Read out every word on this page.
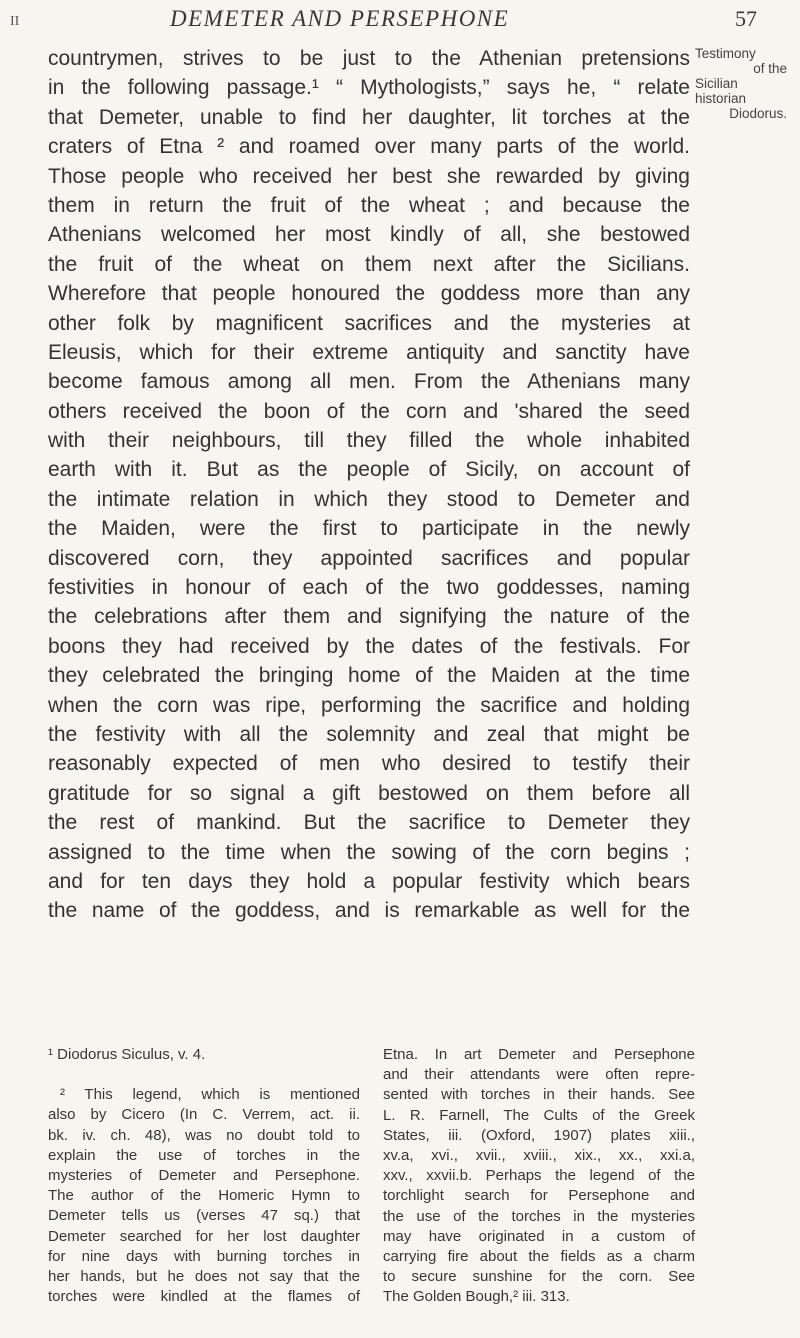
II	DEMETER AND PERSEPHONE	57
Testimony
of the
Sicilian
historian
Diodorus.
countrymen, strives to be just to the Athenian pretensions
in the following passage.¹ “ Mythologists,” says he, “ relate
that Demeter, unable to find her daughter, lit torches at the
craters of Etna ² and roamed over many parts of the world.
Those people who received her best she rewarded by giving
them in return the fruit of the wheat ; and because the
Athenians welcomed her most kindly of all, she bestowed
the fruit of the wheat on them next after the Sicilians.
Wherefore that people honoured the goddess more than any
other folk by magnificent sacrifices and the mysteries at
Eleusis, which for their extreme antiquity and sanctity have
become famous among all men. From the Athenians many
others received the boon of the corn and 'shared the seed
with their neighbours, till they filled the whole inhabited
earth with it. But as the people of Sicily, on account of
the intimate relation in which they stood to Demeter and
the Maiden, were the first to participate in the newly
discovered corn, they appointed sacrifices and popular
festivities in honour of each of the two goddesses, naming
the celebrations after them and signifying the nature of the
boons they had received by the dates of the festivals. For
they celebrated the bringing home of the Maiden at the time
when the corn was ripe, performing the sacrifice and holding
the festivity with all the solemnity and zeal that might be
reasonably expected of men who desired to testify their
gratitude for so signal a gift bestowed on them before all
the rest of mankind. But the sacrifice to Demeter they
assigned to the time when the sowing of the corn begins ;
and for ten days they hold a popular festivity which bears
the name of the goddess, and is remarkable as well for the
¹ Diodorus Siculus, v. 4.
² This legend, which is mentioned
also by Cicero (In C. Verrem, act. ii.
bk. iv. ch. 48), was no doubt told to
explain the use of torches in the
mysteries of Demeter and Persephone.
The author of the Homeric Hymn to
Demeter tells us (verses 47 sq.) that
Demeter searched for her lost daughter
for nine days with burning torches in
her hands, but he does not say that the
torches were kindled at the flames of
Etna. In art Demeter and Persephone
and their attendants were often repre-
sented with torches in their hands. See
L. R. Farnell, The Cults of the Greek
States, iii. (Oxford, 1907) plates xiii.,
xv.a, xvi., xvii., xviii., xix., xx., xxi.a,
xxv., xxvii.b. Perhaps the legend of the
torchlight search for Persephone and
the use of the torches in the mysteries
may have originated in a custom of
carrying fire about the fields as a charm
to secure sunshine for the corn. See
The Golden Bough,² iii. 313.
